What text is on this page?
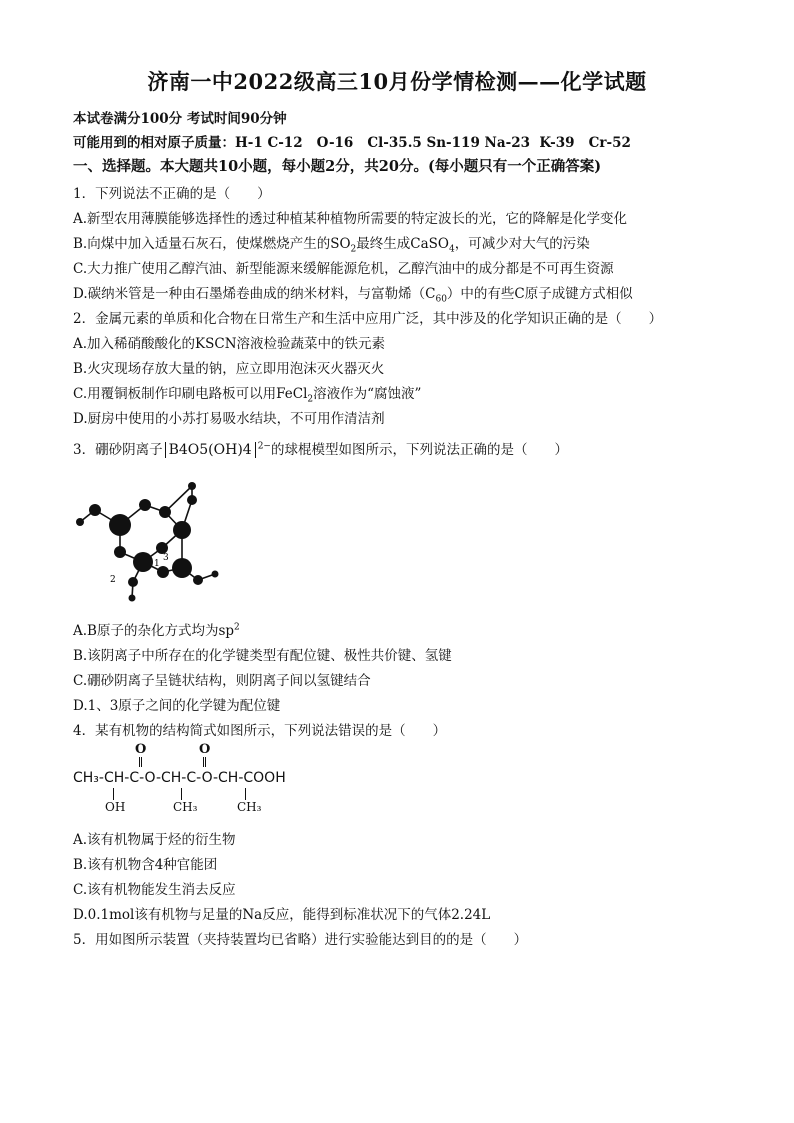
济南一中2022级高三10月份学情检测——化学试题
本试卷满分100分 考试时间90分钟
可能用到的相对原子质量：H-1 C-12   O-16   Cl-35.5 Sn-119 Na-23  K-39   Cr-52
一、选择题。本大题共10小题，每小题2分，共20分。(每小题只有一个正确答案)
1．下列说法不正确的是（　　）
A.新型农用薄膜能够选择性的透过种植某种植物所需要的特定波长的光，它的降解是化学变化
B.向煤中加入适量石灰石，使煤燃烧产生的$SO_2$最终生成CaSO$_4$，可减少对大气的污染
C.大力推广使用乙醇汽油、新型能源来缓解能源危机，乙醇汽油中的成分都是不可再生资源
D.碳纳米管是一种由石墨烯卷曲成的纳米材料，与富勒烯$(C_{60})$中的有些C原子成键方式相似
2．金属元素的单质和化合物在日常生产和生活中应用广泛，其中涉及的化学知识正确的是（　　）
A.加入稀硝酸酸化的KSCN溶液检验蔬菜中的铁元素
B.火灾现场存放大量的钠，应立即用泡沫灭火器灭火
C.用覆铜板制作印刷电路板可以用FeCl$_2$溶液作为“腐蚀液”
D.厨房中使用的小苏打易吸水结块，不可用作清洁剂
3．硼砂阴离子 B4O5(OH)4 $^{2-}$的球棍模型如图所示，下列说法正确的是（　　）
1
2
3
A.B原子的杂化方式均为$sp^2$
B.该阴离子中所存在的化学键类型有配位键、极性共价键、氢键
C.硼砂阴离子呈链状结构，则阴离子间以氢键结合
D.1、3原子之间的化学键为配位键
4．某有机物的结构简式如图所示，下列说法错误的是（　　）
O	O
CH₃-CH-C-O-CH-C-O-CH-COOH
OH	CH₃	CH₃
A.该有机物属于烃的衍生物
B.该有机物含4种官能团
C.该有机物能发生消去反应
D.0.1mol该有机物与足量的Na反应，能得到标准状况下的气体2.24L
5．用如图所示装置（夹持装置均已省略）进行实验能达到目的的是（　　）
